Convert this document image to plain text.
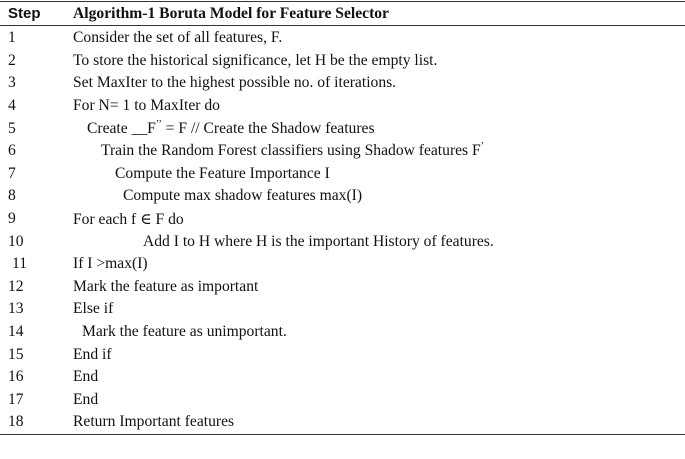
Step	Algorithm-1 Boruta Model for Feature Selector
1	Consider the set of all features, F.
2	To store the historical significance, let H be the empty list.
3	Set MaxIter to the highest possible no. of iterations.
4	For N= 1 to MaxIter do
5	Create __F’’ = F // Create the Shadow features
6	Train the Random Forest classifiers using Shadow features F’
7	Compute the Feature Importance I
8	Compute max shadow features max(I)
9	For each f ∈ F do
10	Add I to H where H is the important History of features.
11	If I >max(I)
12	Mark the feature as important
13	Else if
14	Mark the feature as unimportant.
15	End if
16	End
17	End
18	Return Important features
